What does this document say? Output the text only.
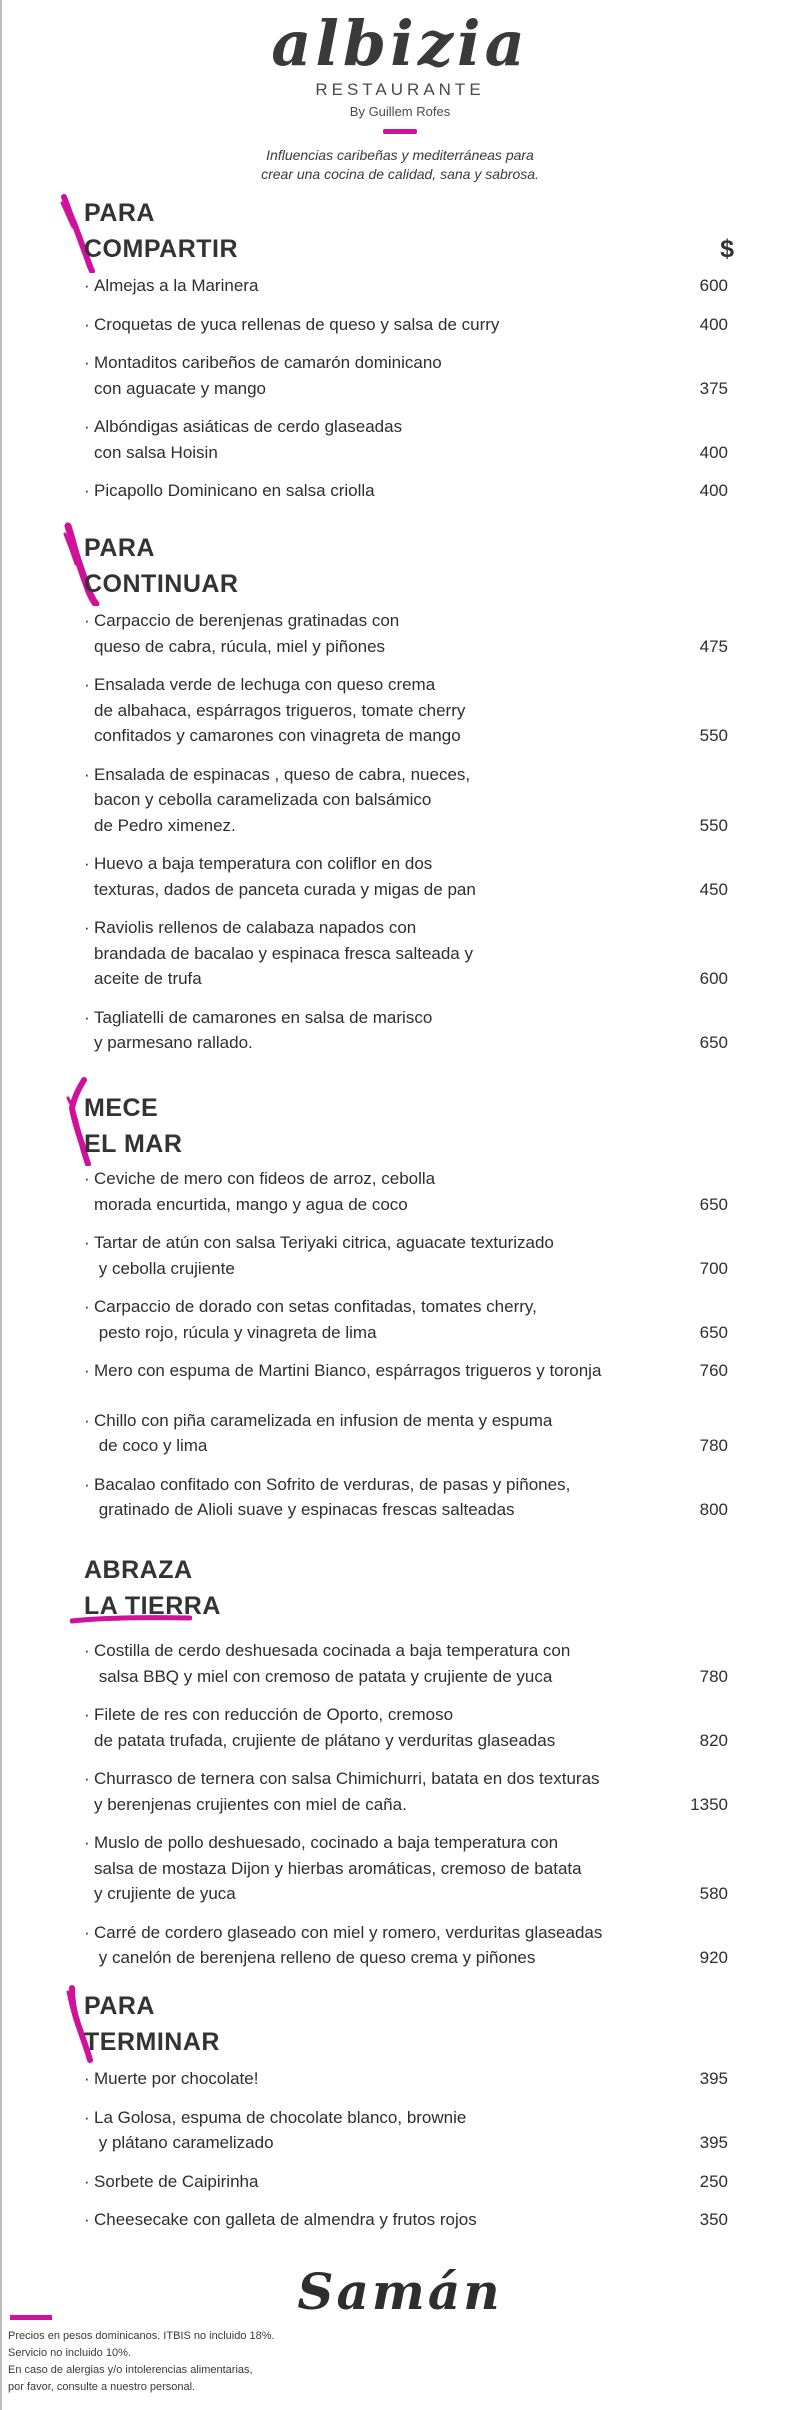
albizia
RESTAURANTE
By Guillem Rofes
Influencias caribeñas y mediterráneas para
crear una cocina de calidad, sana y sabrosa.
PARA
COMPARTIR	$
· Almejas a la Marinera	600
· Croquetas de yuca rellenas de queso y salsa de curry	400
· Montaditos caribeños de camarón dominicano
con aguacate y mango	375
· Albóndigas asiáticas de cerdo glaseadas
con salsa Hoisin	400
· Picapollo Dominicano en salsa criolla	400
PARA
CONTINUAR
· Carpaccio de berenjenas gratinadas con
queso de cabra, rúcula, miel y piñones	475
· Ensalada verde de lechuga con queso crema
de albahaca, espárragos trigueros, tomate cherry
confitados y camarones con vinagreta de mango	550
· Ensalada de espinacas , queso de cabra, nueces,
bacon y cebolla caramelizada con balsámico
de Pedro ximenez.	550
· Huevo a baja temperatura con coliflor en dos
texturas, dados de panceta curada y migas de pan	450
· Raviolis rellenos de calabaza napados con
brandada de bacalao y espinaca fresca salteada y
aceite de trufa	600
· Tagliatelli de camarones en salsa de marisco
y parmesano rallado.	650
MECE
EL MAR
· Ceviche de mero con fideos de arroz, cebolla
morada encurtida, mango y agua de coco	650
· Tartar de atún con salsa Teriyaki citrica, aguacate texturizado
y cebolla crujiente	700
· Carpaccio de dorado con setas confitadas, tomates cherry,
pesto rojo, rúcula y vinagreta de lima	650
· Mero con espuma de Martini Bianco, espárragos trigueros y toronja	760
· Chillo con piña caramelizada en infusion de menta y espuma
de coco y lima	780
· Bacalao confitado con Sofrito de verduras, de pasas y piñones,
gratinado de Alioli suave y espinacas frescas salteadas	800
ABRAZA
LA TIERRA
· Costilla de cerdo deshuesada cocinada a baja temperatura con
salsa BBQ y miel con cremoso de patata y crujiente de yuca	780
· Filete de res con reducción de Oporto, cremoso
de patata trufada, crujiente de plátano y verduritas glaseadas	820
· Churrasco de ternera con salsa Chimichurri, batata en dos texturas
y berenjenas crujientes con miel de caña.	1350
· Muslo de pollo deshuesado, cocinado a baja temperatura con
salsa de mostaza Dijon y hierbas aromáticas, cremoso de batata
y crujiente de yuca	580
· Carré de cordero glaseado con miel y romero, verduritas glaseadas
y canelón de berenjena relleno de queso crema y piñones	920
PARA
TERMINAR
· Muerte por chocolate!	395
· La Golosa, espuma de chocolate blanco, brownie
y plátano caramelizado	395
· Sorbete de Caipirinha	250
· Cheesecake con galleta de almendra y frutos rojos	350
Samán
Precios en pesos dominicanos. ITBIS no incluido 18%.
Servicio no incluido 10%.
En caso de alergias y/o intolerencias alimentarias,
por favor, consulte a nuestro personal.
